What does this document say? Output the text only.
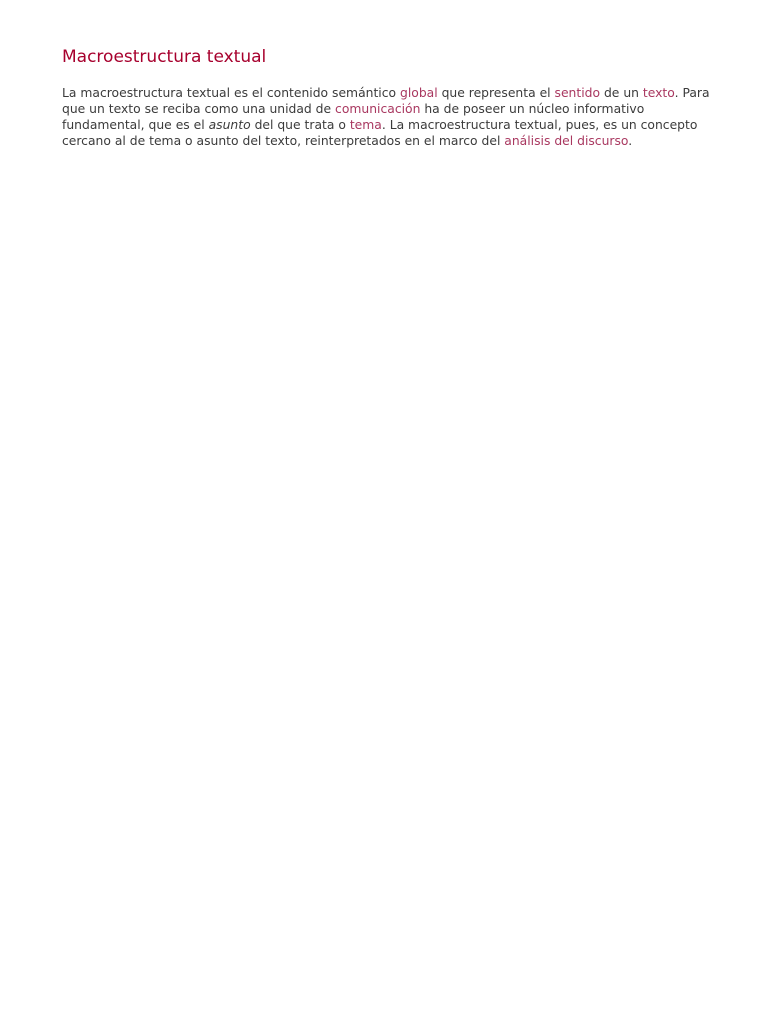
Macroestructura textual

La macroestructura textual es el contenido semántico global que representa el sentido de un texto. Para que un texto se reciba como una unidad de comunicación ha de poseer un núcleo informativo fundamental, que es el asunto del que trata o tema. La macroestructura textual, pues, es un concepto cercano al de tema o asunto del texto, reinterpretados en el marco del análisis del discurso.
